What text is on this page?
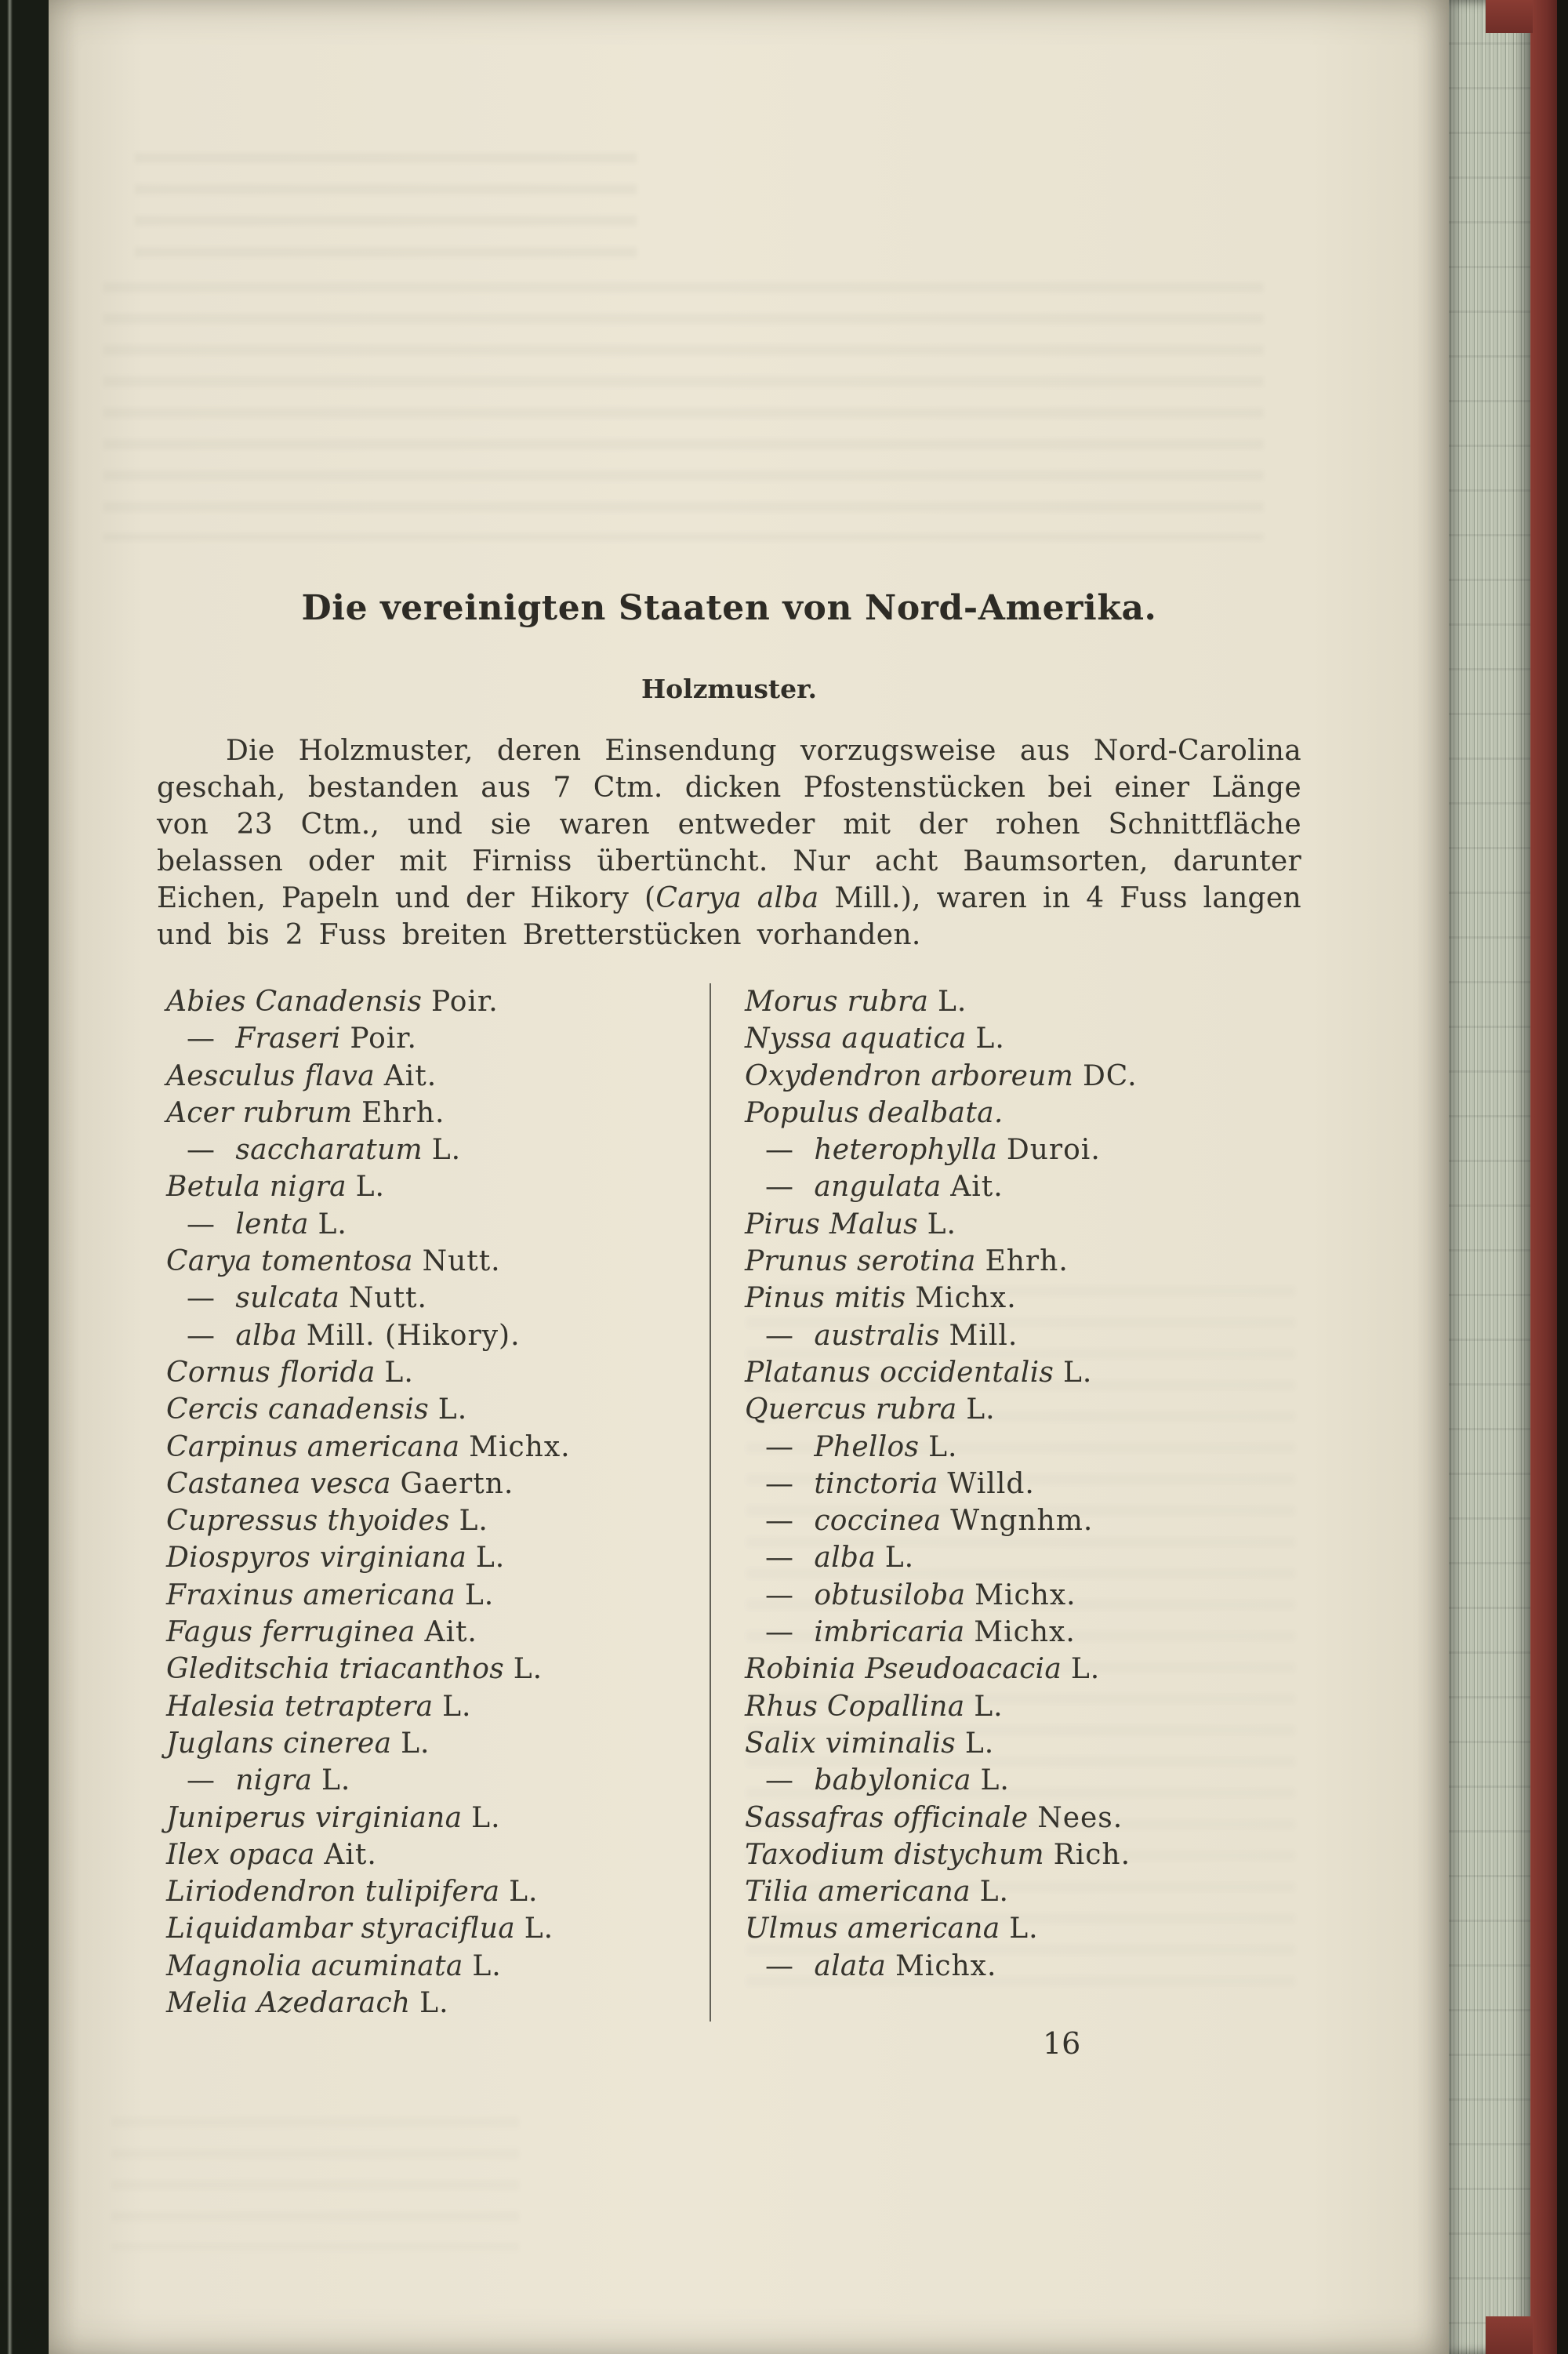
Die vereinigten Staaten von Nord-Amerika.
Holzmuster.

Die Holzmuster, deren Einsendung vorzugsweise aus Nord-Carolina geschah, bestanden aus 7 Ctm. dicken Pfostenstücken bei einer Länge von 23 Ctm., und sie waren entweder mit der rohen Schnittfläche belassen oder mit Firniss übertüncht. Nur acht Baumsorten, darunter Eichen, Papeln und der Hikory (Carya alba Mill.), waren in 4 Fuss langen und bis 2 Fuss breiten Bretterstücken vorhanden.

Abies Canadensis Poir.
— Fraseri Poir.
Aesculus flava Ait.
Acer rubrum Ehrh.
— saccharatum L.
Betula nigra L.
— lenta L.
Carya tomentosa Nutt.
— sulcata Nutt.
— alba Mill. (Hikory).
Cornus florida L.
Cercis canadensis L.
Carpinus americana Michx.
Castanea vesca Gaertn.
Cupressus thyoides L.
Diospyros virginiana L.
Fraxinus americana L.
Fagus ferruginea Ait.
Gleditschia triacanthos L.
Halesia tetraptera L.
Juglans cinerea L.
— nigra L.
Juniperus virginiana L.
Ilex opaca Ait.
Liriodendron tulipifera L.
Liquidambar styraciflua L.
Magnolia acuminata L.
Melia Azedarach L.
Morus rubra L.
Nyssa aquatica L.
Oxydendron arboreum DC.
Populus dealbata.
— heterophylla Duroi.
— angulata Ait.
Pirus Malus L.
Prunus serotina Ehrh.
Pinus mitis Michx.
— australis Mill.
Platanus occidentalis L.
Quercus rubra L.
— Phellos L.
— tinctoria Willd.
— coccinea Wngnhm.
— alba L.
— obtusiloba Michx.
— imbricaria Michx.
Robinia Pseudoacacia L.
Rhus Copallina L.
Salix viminalis L.
— babylonica L.
Sassafras officinale Nees.
Taxodium distychum Rich.
Tilia americana L.
Ulmus americana L.
— alata Michx.
16
